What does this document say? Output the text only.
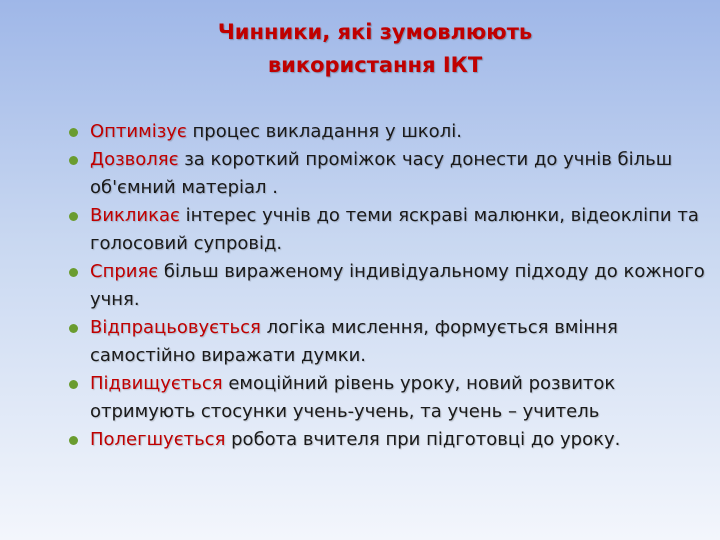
Чинники, які зумовлюють
використання ІКТ
Оптимізує процес викладання у школі.
Дозволяє за короткий проміжок часу донести до учнів більш об'ємний матеріал .
Викликає інтерес учнів до теми яскраві малюнки, відеокліпи та голосовий супровід.
Сприяє більш вираженому індивідуальному підходу до кожного учня.
Відпрацьовується логіка мислення, формується вміння самостійно виражати думки.
Підвищується емоційний рівень уроку, новий розвиток отримують стосунки учень-учень, та учень – учитель
Полегшується робота вчителя при підготовці до уроку.
